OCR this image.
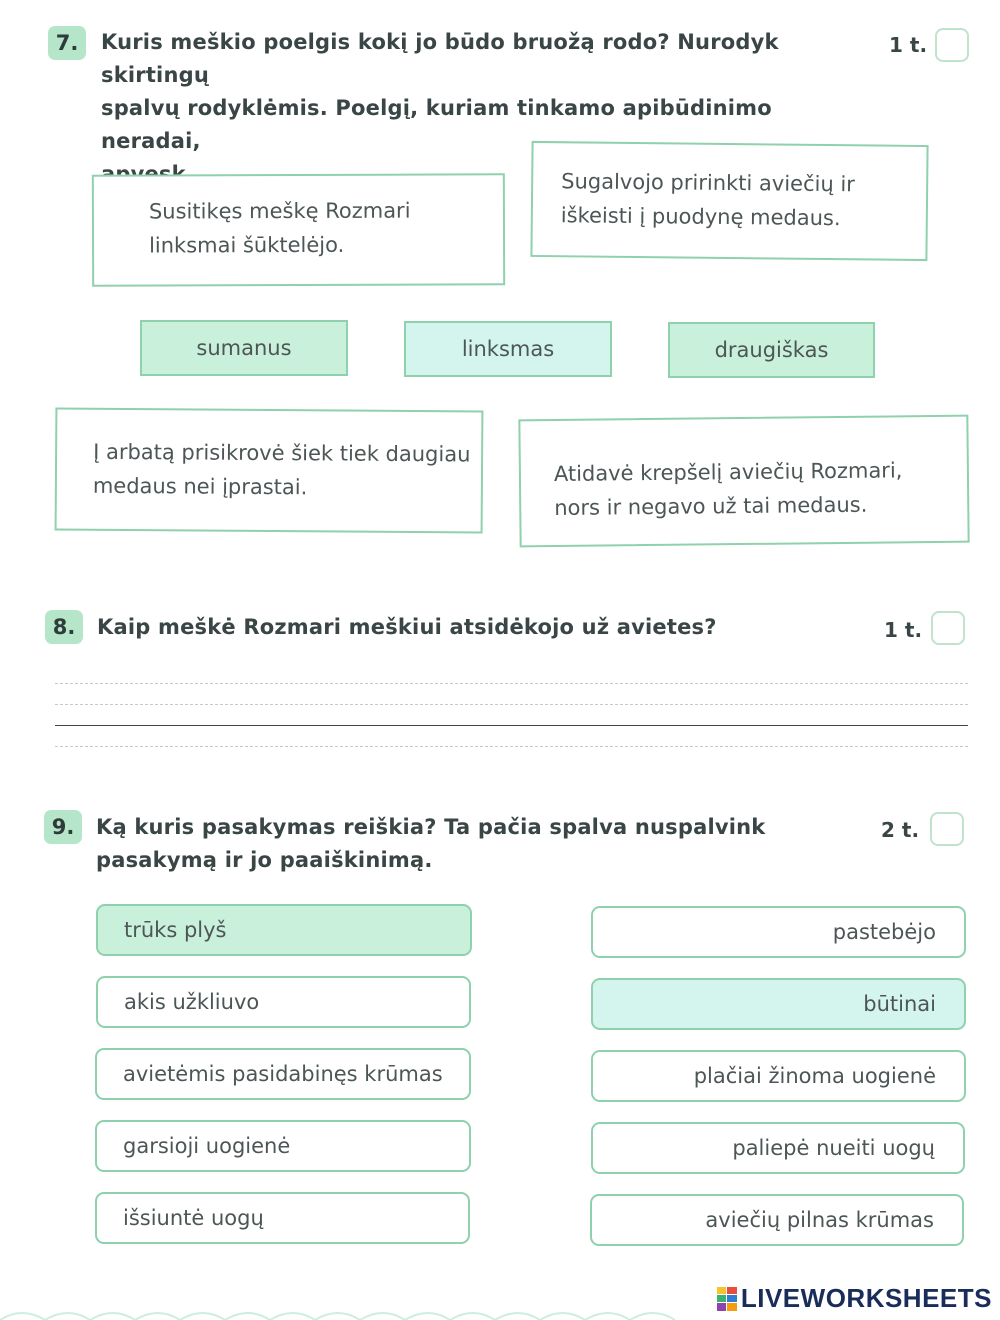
7.	Kuris meškio poelgis kokį jo būdo bruožą rodo? Nurodyk skirtingų
spalvų rodyklėmis. Poelgį, kuriam tinkamo apibūdinimo neradai,
1 t.
Susitikęs meškę Rozmari
linksmai šūktelėjo.
Sugalvojo pririnkti aviečių ir
iškeisti į puodynę medaus.
sumanus	linksmas	draugiškas
Į arbatą prisikrovė šiek tiek daugiau
medaus nei įprastai.
Atidavė krepšelį aviečių Rozmari,
nors ir negavo už tai medaus.
8.	Kaip meškė Rozmari meškiui atsidėkojo už avietes?	1 t.
9.	Ką kuris pasakymas reiškia? Ta pačia spalva nuspalvink
pasakymą ir jo paaiškinimą.
2 t.
trūks plyš
akis užkliuvo
avietėmis pasidabinęs krūmas
garsioji uogienė
išsiuntė uogų
pastebėjo
būtinai
plačiai žinoma uogienė
paliepė nueiti uogų
aviečių pilnas krūmas
LIVEWORKSHEETS
